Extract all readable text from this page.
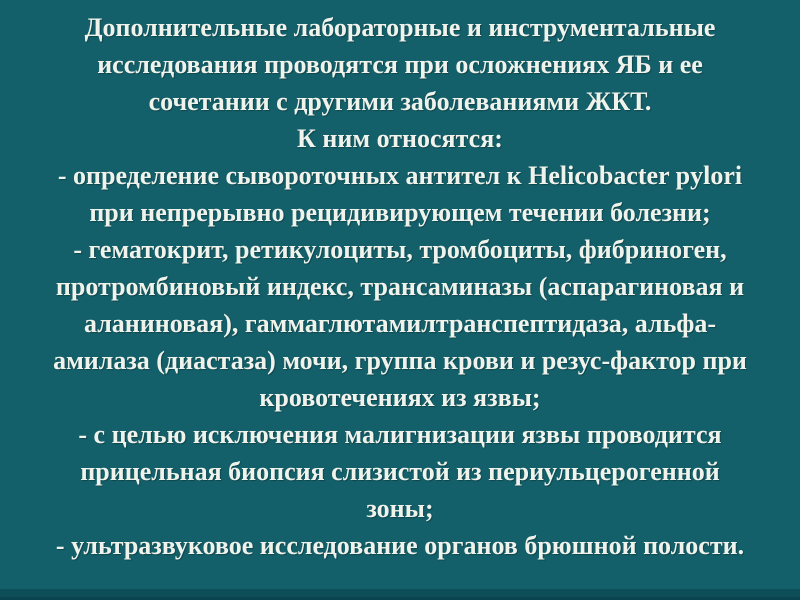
Дополнительные лабораторные и инструментальные
исследования проводятся при осложнениях ЯБ и ее
сочетании с другими заболеваниями ЖКТ.
К ним относятся:
- определение сывороточных антител к Helicobacter pylori
при непрерывно рецидивирующем течении болезни;
- гематокрит, ретикулоциты, тромбоциты, фибриноген,
протромбиновый индекс, трансаминазы (аспарагиновая и
аланиновая), гаммаглютамилтранспептидаза, альфа-
амилаза (диастаза) мочи, группа крови и резус-фактор при
кровотечениях из язвы;
- с целью исключения малигнизации язвы проводится
прицельная биопсия слизистой из периульцерогенной
зоны;
- ультразвуковое исследование органов брюшной полости.
